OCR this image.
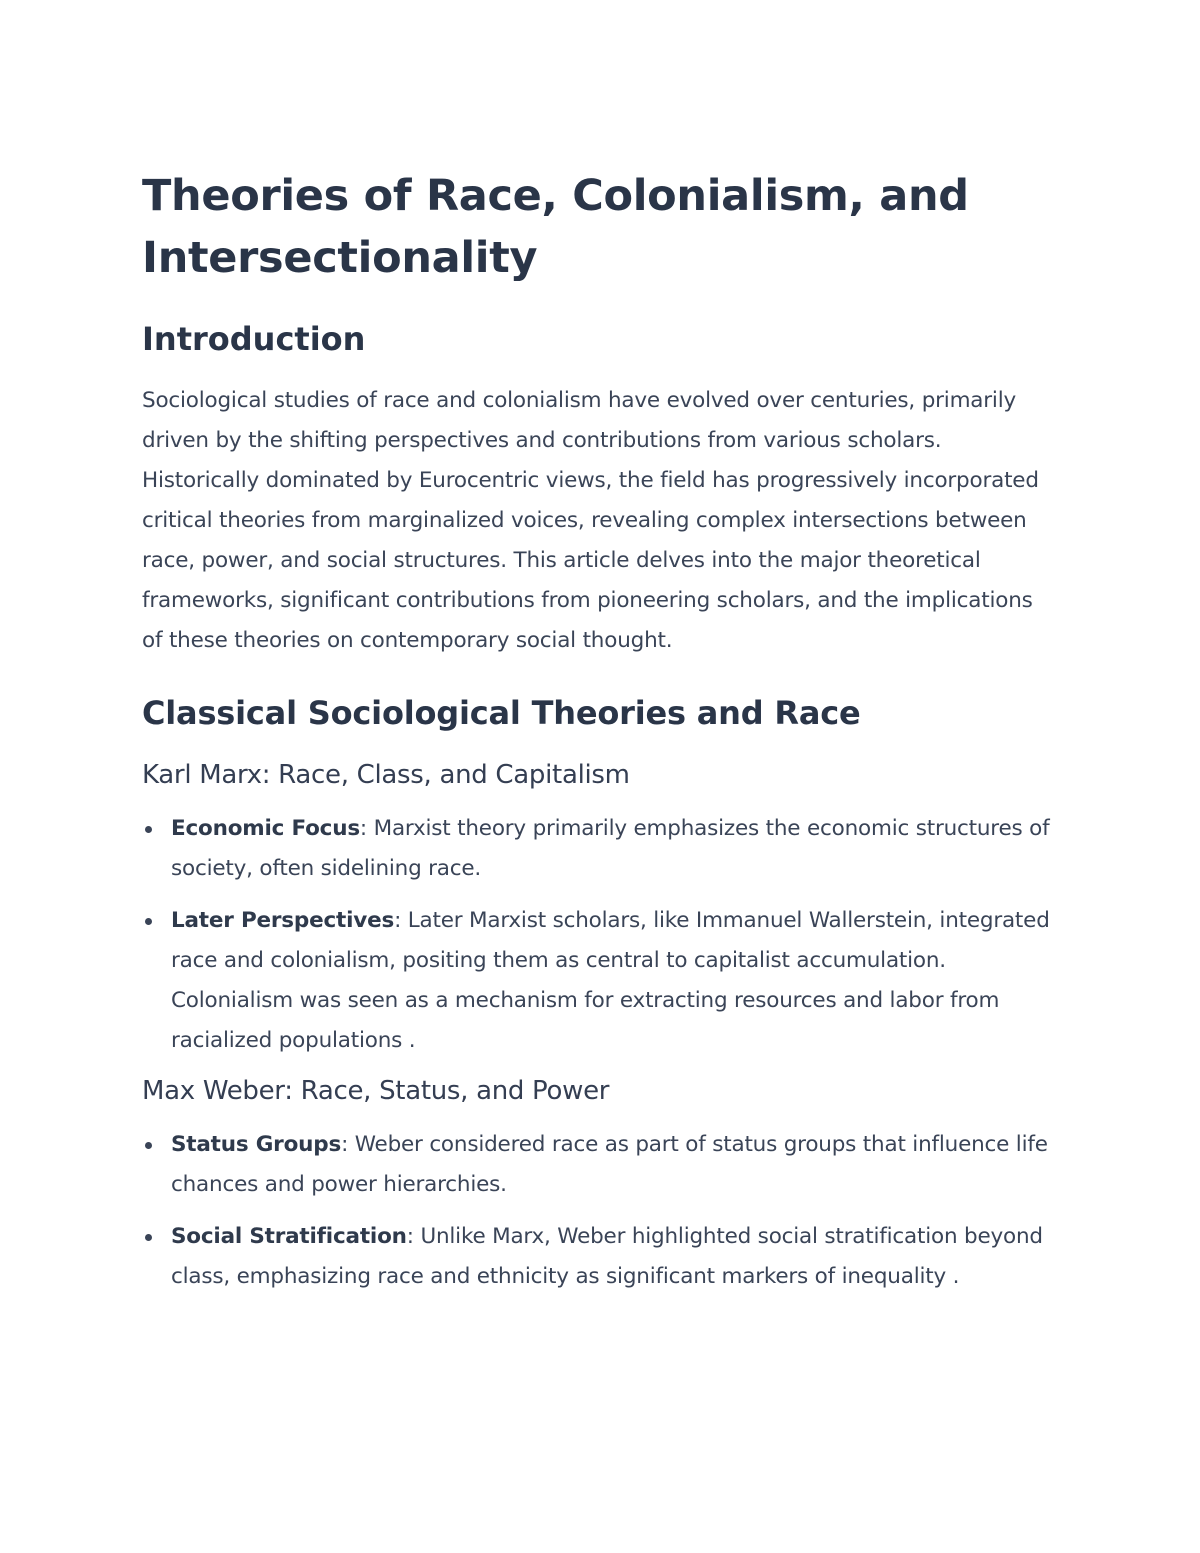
Theories of Race, Colonialism, and Intersectionality
Introduction

Sociological studies of race and colonialism have evolved over centuries, primarily driven by the shifting perspectives and contributions from various scholars. Historically dominated by Eurocentric views, the field has progressively incorporated critical theories from marginalized voices, revealing complex intersections between race, power, and social structures. This article delves into the major theoretical frameworks, significant contributions from pioneering scholars, and the implications of these theories on contemporary social thought.

Classical Sociological Theories and Race
Karl Marx: Race, Class, and Capitalism
Economic Focus: Marxist theory primarily emphasizes the economic structures of society, often sidelining race.
Later Perspectives: Later Marxist scholars, like Immanuel Wallerstein, integrated race and colonialism, positing them as central to capitalist accumulation. Colonialism was seen as a mechanism for extracting resources and labor from racialized populations .
Max Weber: Race, Status, and Power
Status Groups: Weber considered race as part of status groups that influence life chances and power hierarchies.
Social Stratification: Unlike Marx, Weber highlighted social stratification beyond class, emphasizing race and ethnicity as significant markers of inequality .
